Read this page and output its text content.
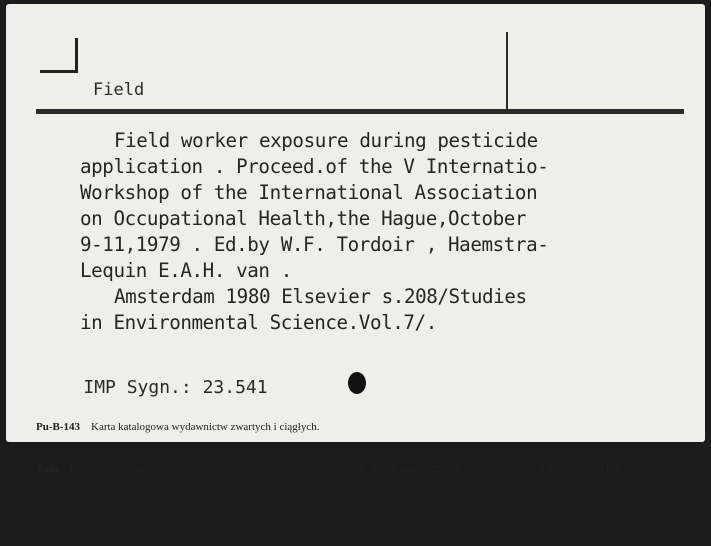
Field
Field worker exposure during pesticide
application . Proceed.of the V Internatio-
Workshop of the International Association
on Occupational Health,the Hague,October
9-11,1979 . Ed.by W.F. Tordoir , Haemstra-
Lequin E.A.H. van .
Amsterdam 1980 Elsevier s.208/Studies
in Environmental Science.Vol.7/.

IMP Sygn.: 23.541

Pu-B-143

Karta katalogowa wydawnictw zwartych i ciągłych.

Zam.

nr 2520/DW/On.

	WZGraf. Z-d 2, zam. 1226/77

	f.580.000 74X120
